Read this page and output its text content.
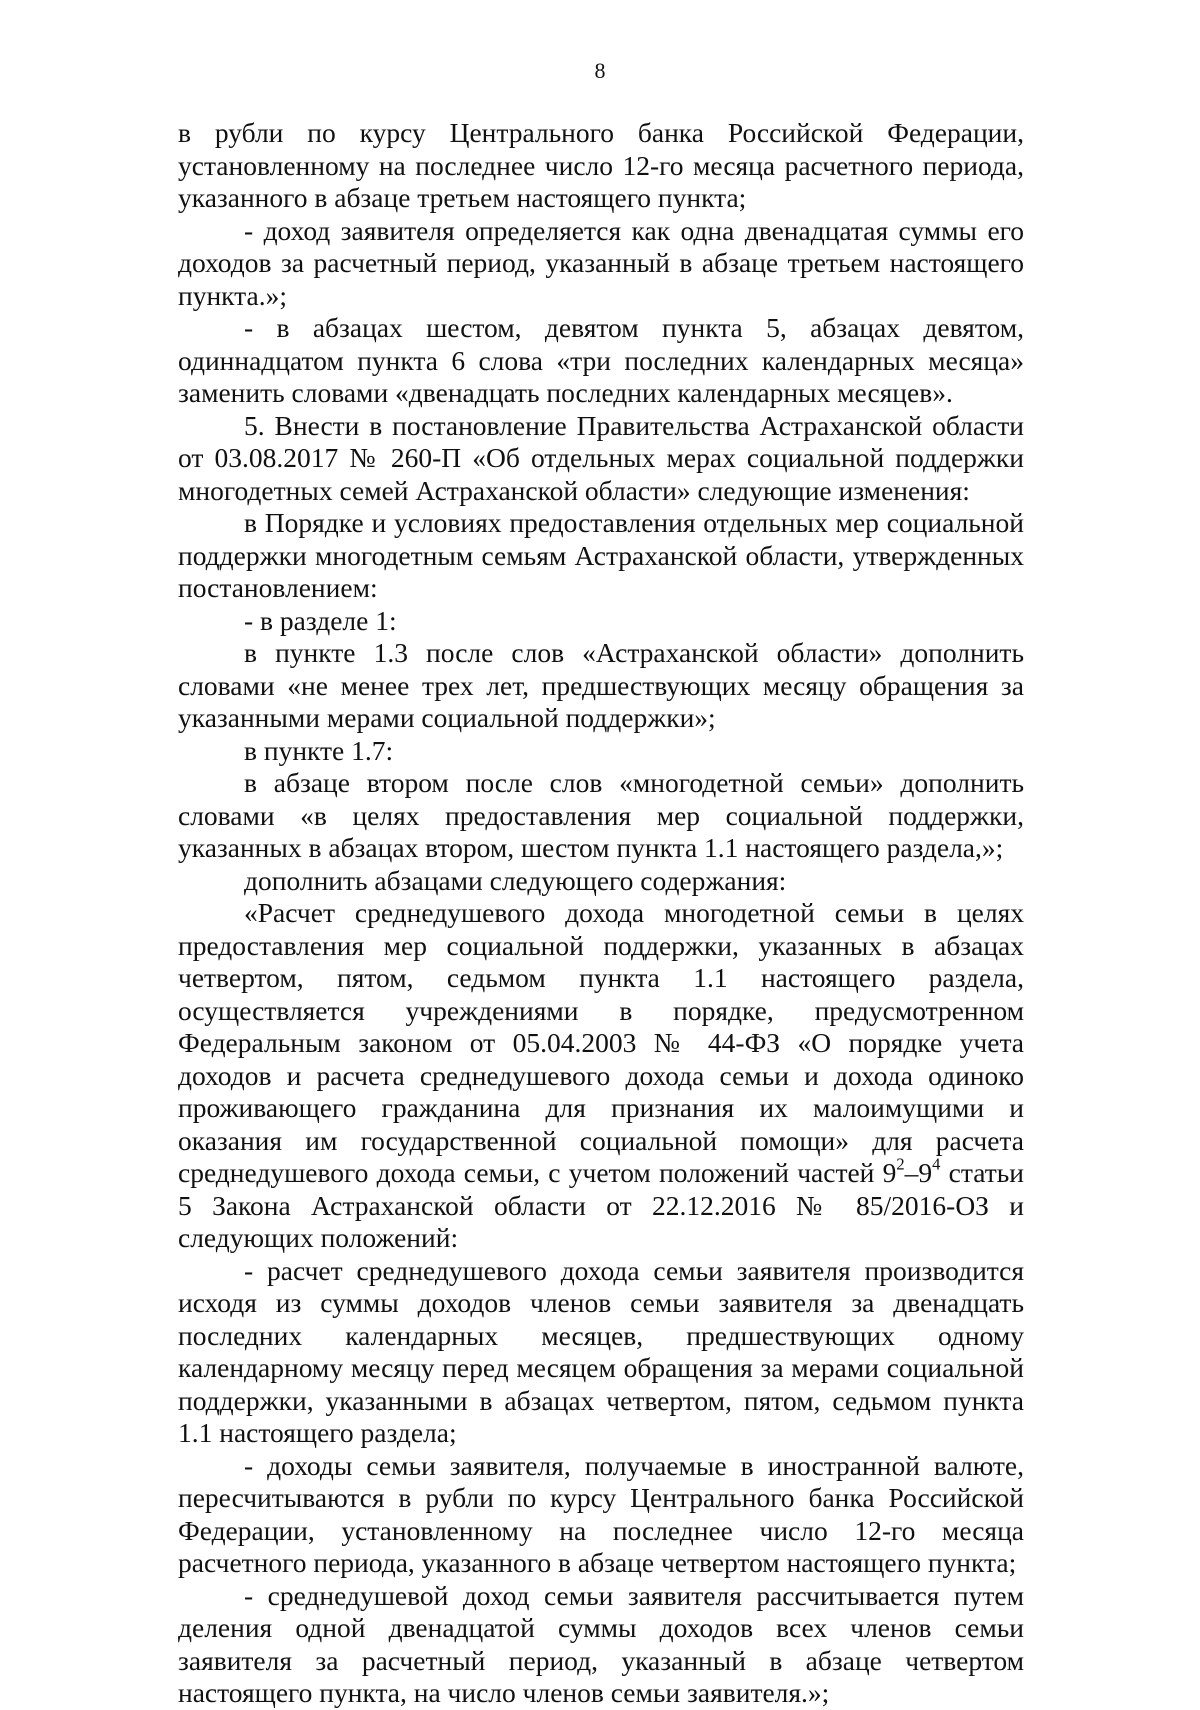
8

в рубли по курсу Центрального банка Российской Федерации, установленному на последнее число 12-го месяца расчетного периода, указанного в абзаце третьем настоящего пункта;

- доход заявителя определяется как одна двенадцатая суммы его доходов за расчетный период, указанный в абзаце третьем настоящего пункта.»;

- в абзацах шестом, девятом пункта 5, абзацах девятом, одиннадцатом пункта 6 слова «три последних календарных месяца» заменить словами «двенадцать последних календарных месяцев».

5. Внести в постановление Правительства Астраханской области от 03.08.2017 № 260-П «Об отдельных мерах социальной поддержки многодетных семей Астраханской области» следующие изменения:

в Порядке и условиях предоставления отдельных мер социальной поддержки многодетным семьям Астраханской области, утвержденных постановлением:

- в разделе 1:

в пункте 1.3 после слов «Астраханской области» дополнить словами «не менее трех лет, предшествующих месяцу обращения за указанными мерами социальной поддержки»;

в пункте 1.7:

в абзаце втором после слов «многодетной семьи» дополнить словами «в целях предоставления мер социальной поддержки, указанных в абзацах втором, шестом пункта 1.1 настоящего раздела,»;

дополнить абзацами следующего содержания:

«Расчет среднедушевого дохода многодетной семьи в целях предоставления мер социальной поддержки, указанных в абзацах четвертом, пятом, седьмом пункта 1.1 настоящего раздела, осуществляется учреждениями в порядке, предусмотренном Федеральным законом от 05.04.2003 № 44-ФЗ «О порядке учета доходов и расчета среднедушевого дохода семьи и дохода одиноко проживающего гражданина для признания их малоимущими и оказания им государственной социальной помощи» для расчета среднедушевого дохода семьи, с учетом положений частей $9^2-9^4$ статьи 5 Закона Астраханской области от 22.12.2016 № 85/2016-ОЗ и следующих положений:

- расчет среднедушевого дохода семьи заявителя производится исходя из суммы доходов членов семьи заявителя за двенадцать последних календарных месяцев, предшествующих одному календарному месяцу перед месяцем обращения за мерами социальной поддержки, указанными в абзацах четвертом, пятом, седьмом пункта 1.1 настоящего раздела;

- доходы семьи заявителя, получаемые в иностранной валюте, пересчитываются в рубли по курсу Центрального банка Российской Федерации, установленному на последнее число 12-го месяца расчетного периода, указанного в абзаце четвертом настоящего пункта;

- среднедушевой доход семьи заявителя рассчитывается путем деления одной двенадцатой суммы доходов всех членов семьи заявителя за расчетный период, указанный в абзаце четвертом настоящего пункта, на число членов семьи заявителя.»;
